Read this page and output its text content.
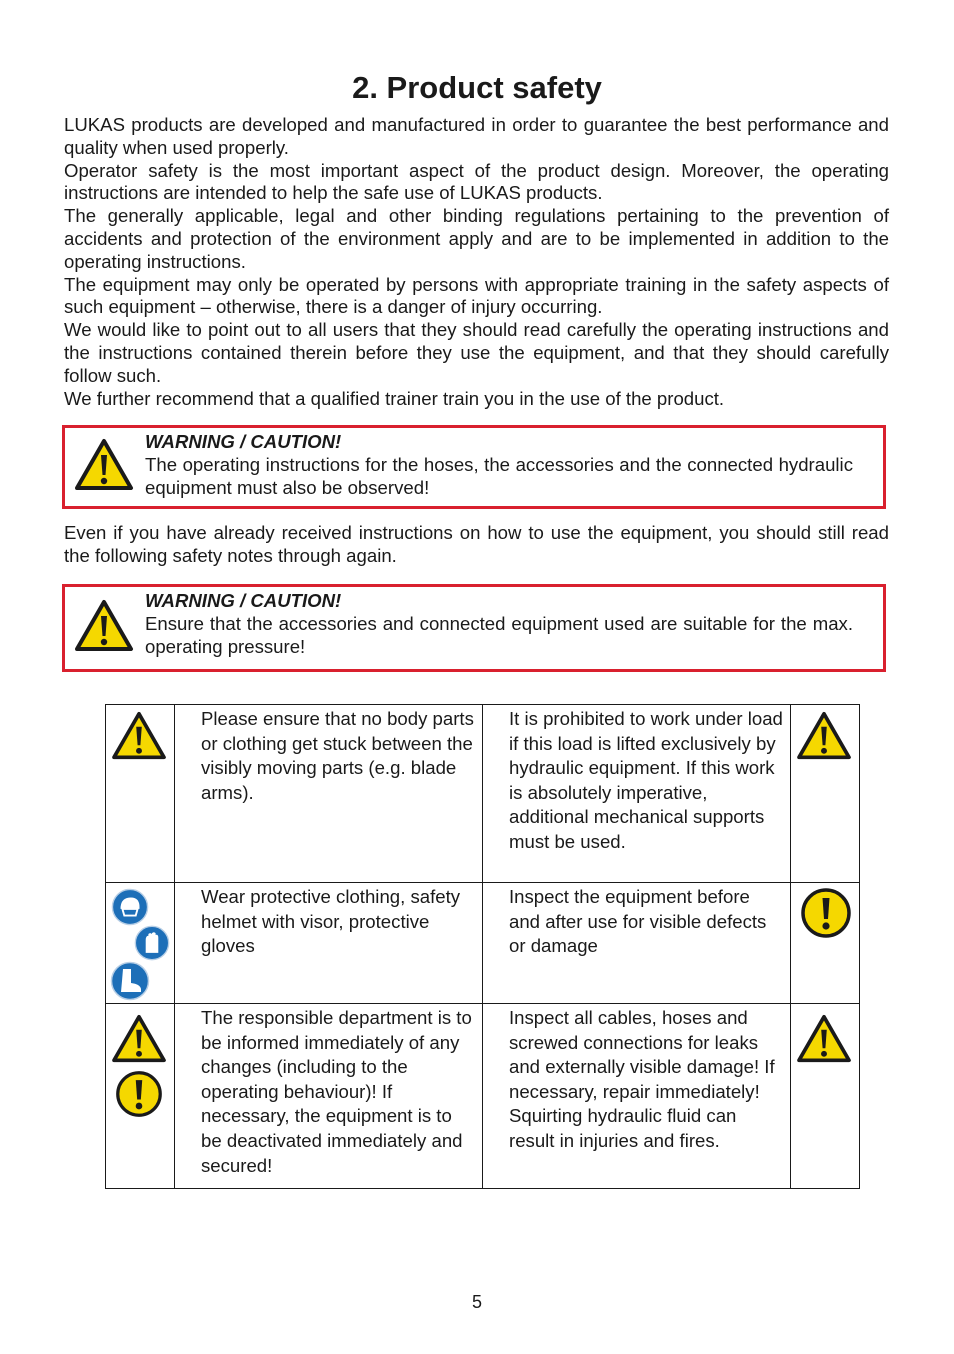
2. Product safety

LUKAS products are developed and manufactured in order to guarantee the best performance and quality when used properly.

Operator safety is the most important aspect of the product design. Moreover, the operating instructions are intended to help the safe use of LUKAS products.

The generally applicable, legal and other binding regulations pertaining to the prevention of accidents and protection of the environment apply and are to be implemented in addition to the operating instructions.

The equipment may only be operated by persons with appropriate training in the safety aspects of such equipment – otherwise, there is a danger of injury occurring.

We would like to point out to all users that they should read carefully the operating instructions and the instructions contained therein before they use the equipment, and that they should carefully follow such.

We further recommend that a qualified trainer train you in the use of the product.

WARNING / CAUTION!
The operating instructions for the hoses, the accessories and the connected hydraulic equipment must also be observed!

Even if you have already received instructions on how to use the equipment, you should still read the following safety notes through again.

WARNING / CAUTION!
Ensure that the accessories and connected equipment used are suitable for the max. operating pressure!

Please ensure that no body parts or clothing get stuck between the visibly moving parts (e.g. blade arms).	It is prohibited to work under load if this load is lifted exclusively by hydraulic equipment. If this work is absolutely imperative, additional mechanical supports must be used.

Wear protective clothing, safety helmet with visor, protective gloves	Inspect the equipment before and after use for visible defects or damage

The responsible department is to be informed immediately of any changes (including to the operating behaviour)! If necessary, the equipment is to be deactivated immediately and secured!	Inspect all cables, hoses and screwed connections for leaks and externally visible damage! If necessary, repair immediately! Squirting hydraulic fluid can result in injuries and fires.

5
